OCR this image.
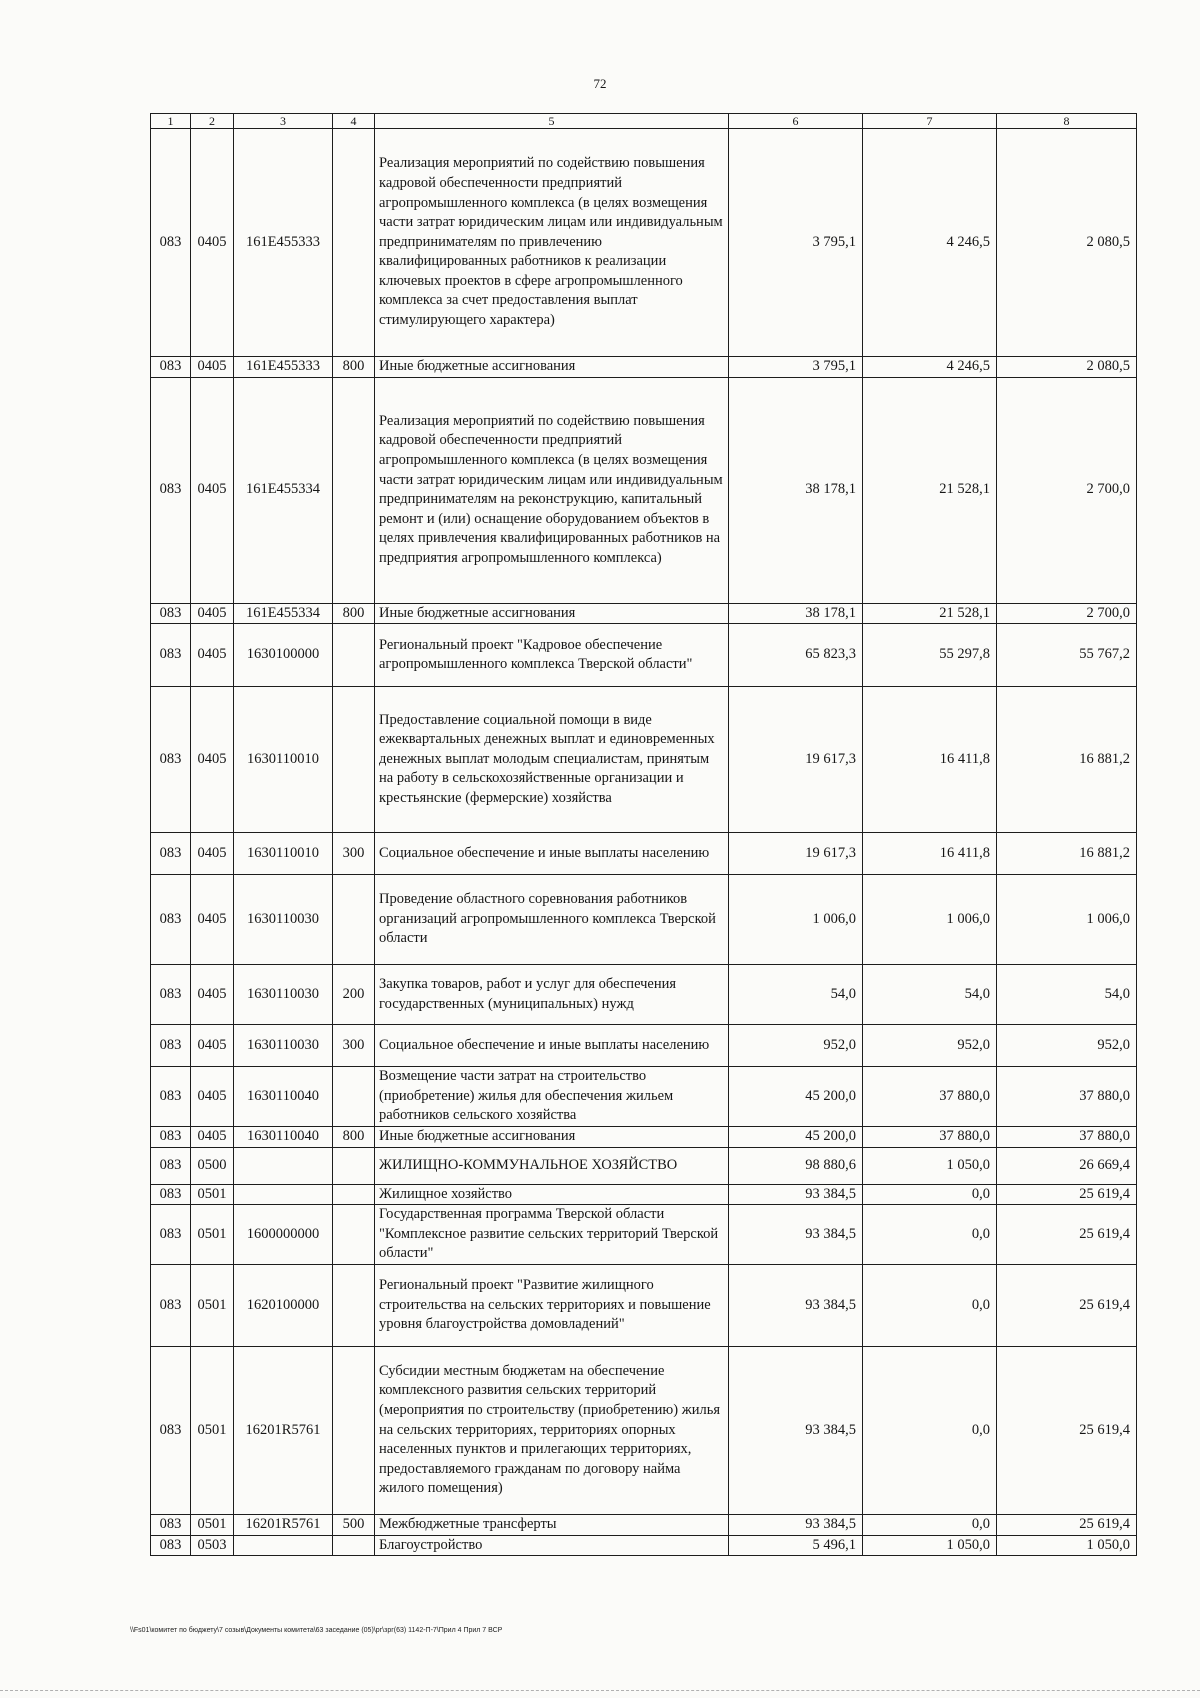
72
1	2	3	4	5	6	7	8
083	0405	161E455333		Реализация мероприятий по содействию повышения кадровой обеспеченности предприятий агропромышленного комплекса (в целях возмещения части затрат юридическим лицам или индивидуальным предпринимателям по привлечению квалифицированных работников к реализации ключевых проектов в сфере агропромышленного комплекса за счет предоставления выплат стимулирующего характера)	3 795,1	4 246,5	2 080,5
083	0405	161E455333	800	Иные бюджетные ассигнования	3 795,1	4 246,5	2 080,5
083	0405	161E455334		Реализация мероприятий по содействию повышения кадровой обеспеченности предприятий агропромышленного комплекса (в целях возмещения части затрат юридическим лицам или индивидуальным предпринимателям на реконструкцию, капитальный ремонт и (или) оснащение оборудованием объектов в целях привлечения квалифицированных работников на предприятия агропромышленного комплекса)	38 178,1	21 528,1	2 700,0
083	0405	161E455334	800	Иные бюджетные ассигнования	38 178,1	21 528,1	2 700,0
083	0405	1630100000		Региональный проект "Кадровое обеспечение агропромышленного комплекса Тверской области"	65 823,3	55 297,8	55 767,2
083	0405	1630110010		Предоставление социальной помощи в виде ежеквартальных денежных выплат и единовременных денежных выплат молодым специалистам, принятым на работу в сельскохозяйственные организации и крестьянские (фермерские) хозяйства	19 617,3	16 411,8	16 881,2
083	0405	1630110010	300	Социальное обеспечение и иные выплаты населению	19 617,3	16 411,8	16 881,2
083	0405	1630110030		Проведение областного соревнования работников организаций агропромышленного комплекса Тверской области	1 006,0	1 006,0	1 006,0
083	0405	1630110030	200	Закупка товаров, работ и услуг для обеспечения государственных (муниципальных) нужд	54,0	54,0	54,0
083	0405	1630110030	300	Социальное обеспечение и иные выплаты населению	952,0	952,0	952,0
083	0405	1630110040		Возмещение части затрат на строительство (приобретение) жилья для обеспечения жильем работников сельского хозяйства	45 200,0	37 880,0	37 880,0
083	0405	1630110040	800	Иные бюджетные ассигнования	45 200,0	37 880,0	37 880,0
083	0500			ЖИЛИЩНО-КОММУНАЛЬНОЕ ХОЗЯЙСТВО	98 880,6	1 050,0	26 669,4
083	0501			Жилищное хозяйство	93 384,5	0,0	25 619,4
083	0501	1600000000		Государственная программа Тверской области "Комплексное развитие сельских территорий Тверской области"	93 384,5	0,0	25 619,4
083	0501	1620100000		Региональный проект "Развитие жилищного строительства на сельских территориях и повышение уровня благоустройства домовладений"	93 384,5	0,0	25 619,4
083	0501	16201R5761		Субсидии местным бюджетам на обеспечение комплексного развития сельских территорий (мероприятия по строительству (приобретению) жилья на сельских территориях, территориях опорных населенных пунктов и прилегающих территориях, предоставляемого гражданам по договору найма жилого помещения)	93 384,5	0,0	25 619,4
083	0501	16201R5761	500	Межбюджетные трансферты	93 384,5	0,0	25 619,4
083	0503			Благоустройство	5 496,1	1 050,0	1 050,0
\\Fs01\комитет по бюджету\7 созыв\Документы комитета\63 заседание (05)\рг\зрг(63) 1142-П-7\Прил 4 Прил 7 ВСР
